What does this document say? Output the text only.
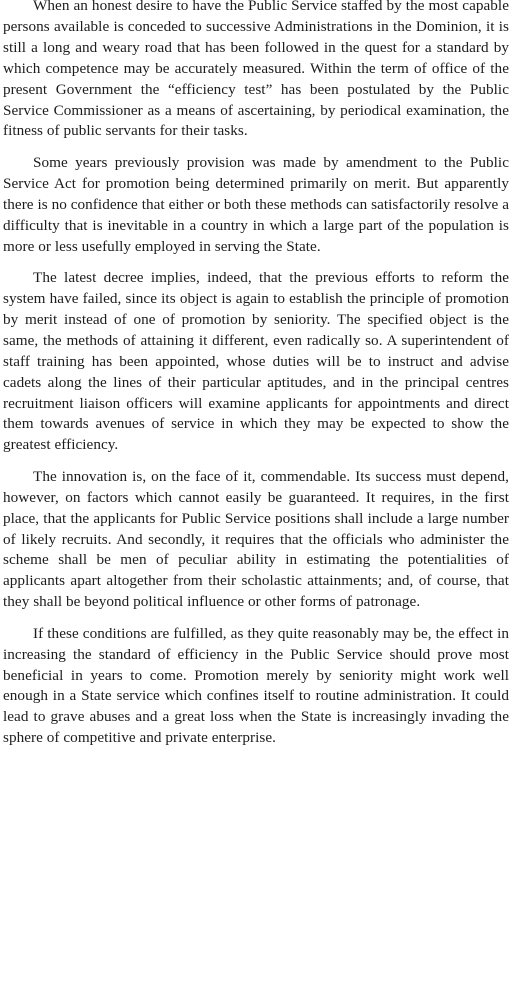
When an honest desire to have the Public Service staffed by the most capable persons available is conceded to successive Administrations in the Dominion, it is still a long and weary road that has been followed in the quest for a standard by which competence may be accurately measured. Within the term of office of the present Government the “efficiency test” has been postulated by the Public Service Commissioner as a means of ascertaining, by periodical examination, the fitness of public servants for their tasks.

Some years previously provision was made by amendment to the Public Service Act for promotion being determined primarily on merit. But apparently there is no confidence that either or both these methods can satisfactorily resolve a difficulty that is inevitable in a country in which a large part of the population is more or less usefully employed in serving the State.

The latest decree implies, indeed, that the previous efforts to reform the system have failed, since its object is again to establish the principle of promotion by merit instead of one of promotion by seniority. The specified object is the same, the methods of attaining it different, even radically so. A superintendent of staff training has been appointed, whose duties will be to instruct and advise cadets along the lines of their particular aptitudes, and in the principal centres recruitment liaison officers will examine applicants for appointments and direct them towards avenues of service in which they may be expected to show the greatest efficiency.

The innovation is, on the face of it, commendable. Its success must depend, however, on factors which cannot easily be guaranteed. It requires, in the first place, that the applicants for Public Service positions shall include a large number of likely recruits. And secondly, it requires that the officials who administer the scheme shall be men of peculiar ability in estimating the potentialities of applicants apart altogether from their scholastic attainments; and, of course, that they shall be beyond political influence or other forms of patronage.

If these conditions are fulfilled, as they quite reasonably may be, the effect in increasing the standard of efficiency in the Public Service should prove most beneficial in years to come. Promotion merely by seniority might work well enough in a State service which confines itself to routine administration. It could lead to grave abuses and a great loss when the State is increasingly invading the sphere of competitive and private enterprise.
